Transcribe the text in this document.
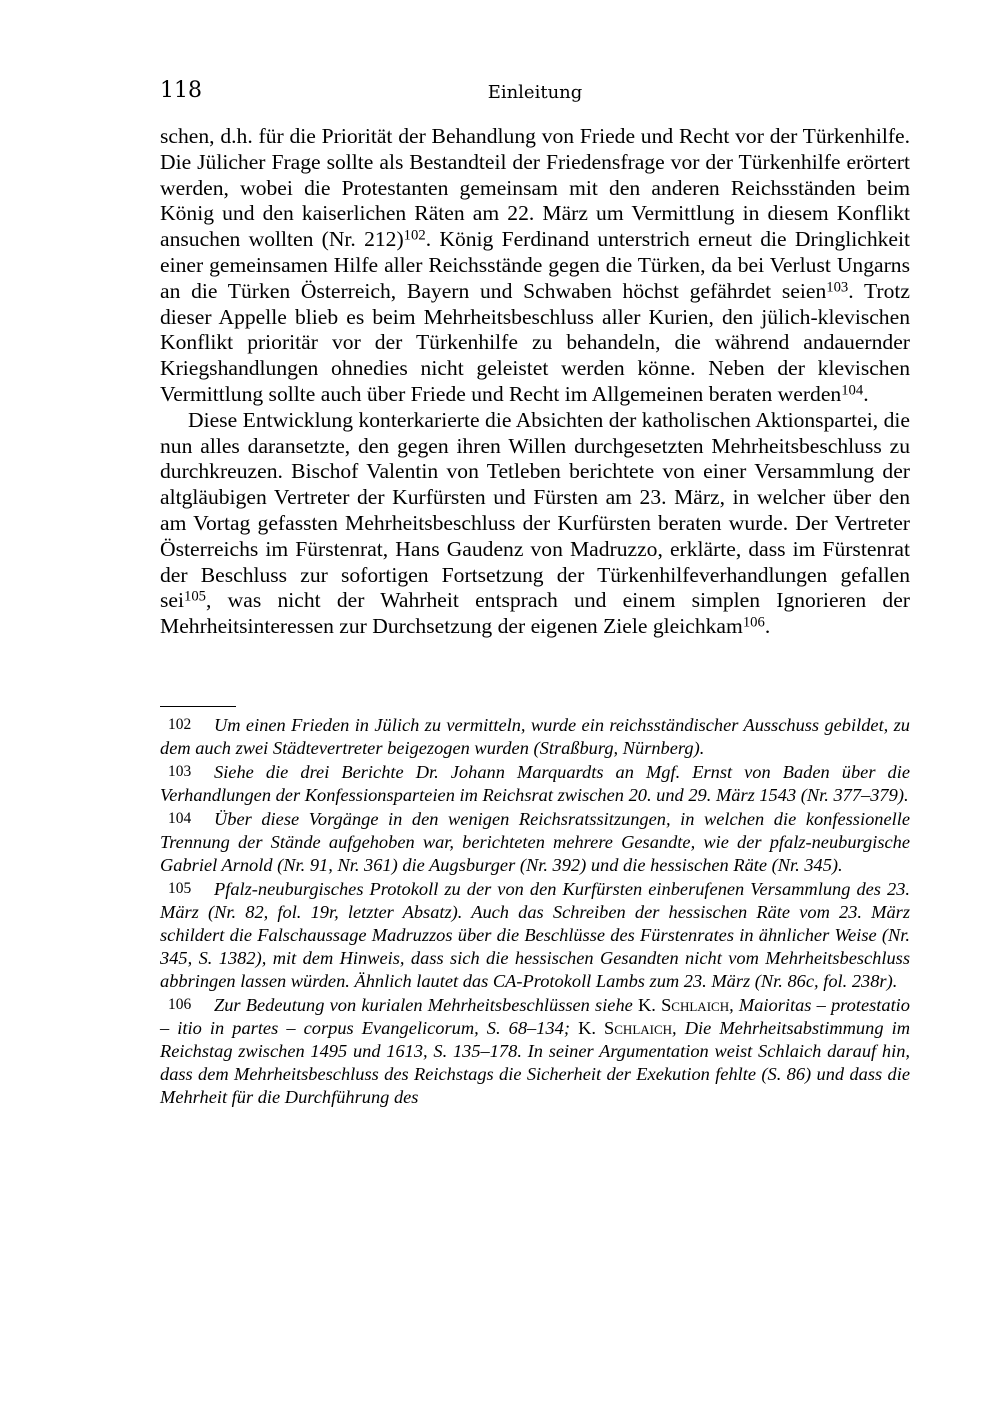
118	Einleitung

schen, d.h. für die Priorität der Behandlung von Friede und Recht vor der Türkenhilfe. Die Jülicher Frage sollte als Bestandteil der Friedensfrage vor der Türkenhilfe erörtert werden, wobei die Protestanten gemeinsam mit den anderen Reichsständen beim König und den kaiserlichen Räten am 22. März um Vermittlung in diesem Konflikt ansuchen wollten (Nr. 212)$^{102}$. König Ferdinand unterstrich erneut die Dringlichkeit einer gemeinsamen Hilfe aller Reichsstände gegen die Türken, da bei Verlust Ungarns an die Türken Österreich, Bayern und Schwaben höchst gefährdet seien$^{103}$. Trotz dieser Appelle blieb es beim Mehrheitsbeschluss aller Kurien, den jülich-klevischen Konflikt prioritär vor der Türkenhilfe zu behandeln, die während andauernder Kriegshandlungen ohnedies nicht geleistet werden könne. Neben der klevischen Vermittlung sollte auch über Friede und Recht im Allgemeinen beraten werden$^{104}$.

Diese Entwicklung konterkarierte die Absichten der katholischen Aktionspartei, die nun alles daransetzte, den gegen ihren Willen durchgesetzten Mehrheitsbeschluss zu durchkreuzen. Bischof Valentin von Tetleben berichtete von einer Versammlung der altgläubigen Vertreter der Kurfürsten und Fürsten am 23. März, in welcher über den am Vortag gefassten Mehrheitsbeschluss der Kurfürsten beraten wurde. Der Vertreter Österreichs im Fürstenrat, Hans Gaudenz von Madruzzo, erklärte, dass im Fürstenrat der Beschluss zur sofortigen Fortsetzung der Türkenhilfeverhandlungen gefallen sei$^{105}$, was nicht der Wahrheit entsprach und einem simplen Ignorieren der Mehrheitsinteressen zur Durchsetzung der eigenen Ziele gleichkam$^{106}$.

102 Um einen Frieden in Jülich zu vermitteln, wurde ein reichsständischer Ausschuss gebildet, zu dem auch zwei Städtevertreter beigezogen wurden (Straßburg, Nürnberg).

103 Siehe die drei Berichte Dr. Johann Marquardts an Mgf. Ernst von Baden über die Verhandlungen der Konfessionsparteien im Reichsrat zwischen 20. und 29. März 1543 (Nr. 377–379).

104 Über diese Vorgänge in den wenigen Reichsratssitzungen, in welchen die konfessionelle Trennung der Stände aufgehoben war, berichteten mehrere Gesandte, wie der pfalz-neuburgische Gabriel Arnold (Nr. 91, Nr. 361) die Augsburger (Nr. 392) und die hessischen Räte (Nr. 345).

105 Pfalz-neuburgisches Protokoll zu der von den Kurfürsten einberufenen Versammlung des 23. März (Nr. 82, fol. 19r, letzter Absatz). Auch das Schreiben der hessischen Räte vom 23. März schildert die Falschaussage Madruzzos über die Beschlüsse des Fürstenrates in ähnlicher Weise (Nr. 345, S. 1382), mit dem Hinweis, dass sich die hessischen Gesandten nicht vom Mehrheitsbeschluss abbringen lassen würden. Ähnlich lautet das CA-Protokoll Lambs zum 23. März (Nr. 86c, fol. 238r).

106 Zur Bedeutung von kurialen Mehrheitsbeschlüssen siehe K. Schlaich, Maioritas – protestatio – itio in partes – corpus Evangelicorum, S. 68–134; K. Schlaich, Die Mehrheitsabstimmung im Reichstag zwischen 1495 und 1613, S. 135–178. In seiner Argumentation weist Schlaich darauf hin, dass dem Mehrheitsbeschluss des Reichstags die Sicherheit der Exekution fehlte (S. 86) und dass die Mehrheit für die Durchführung des
